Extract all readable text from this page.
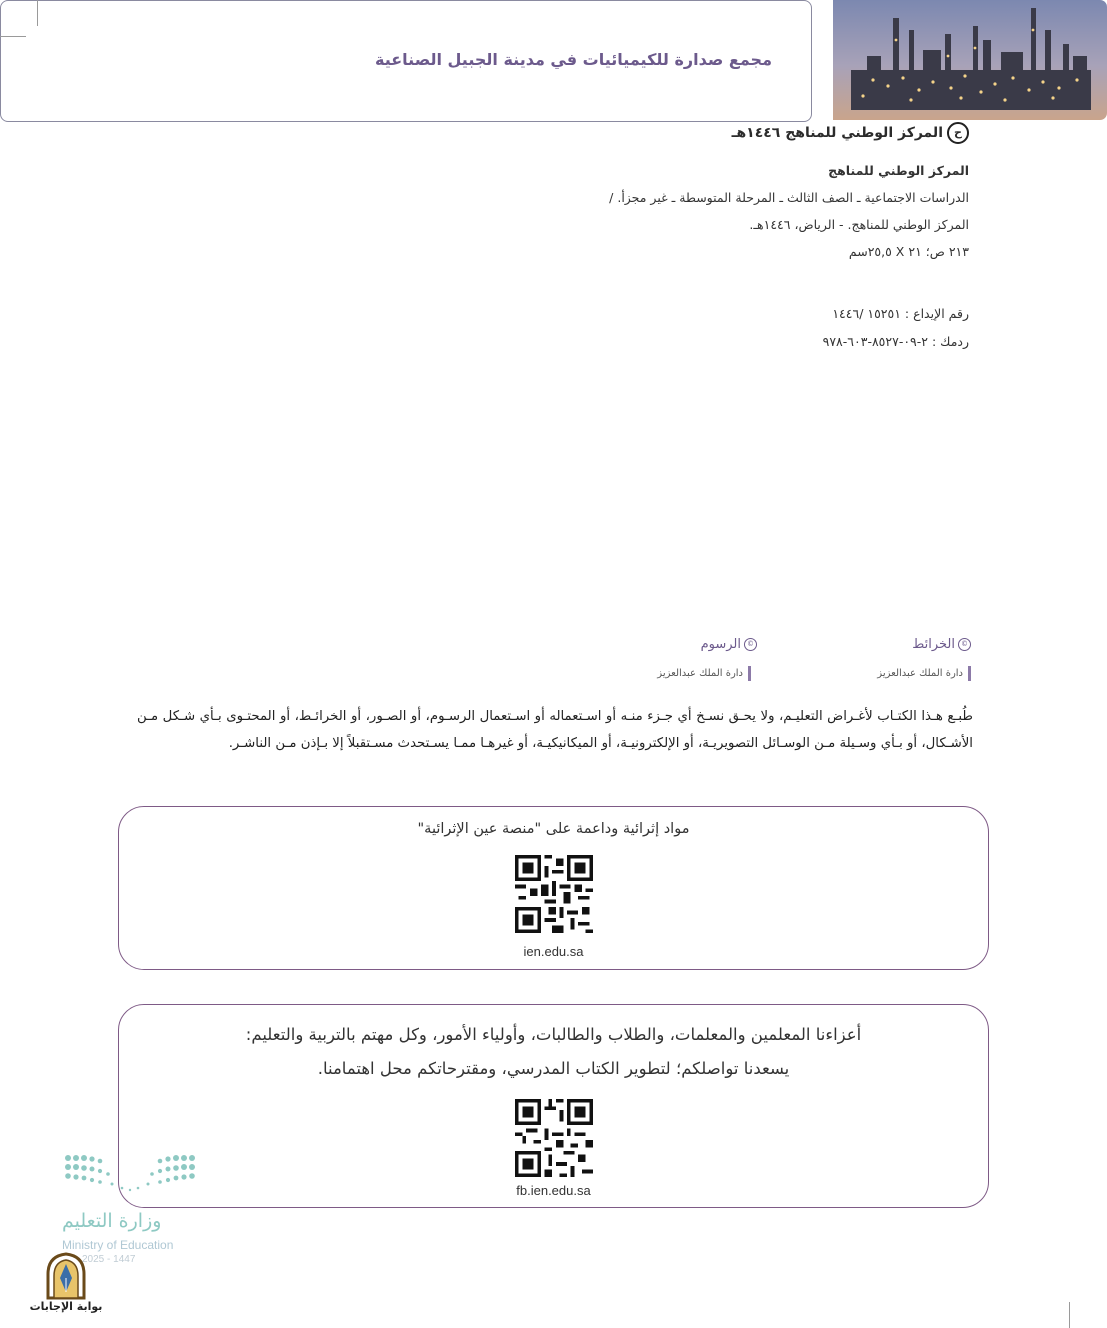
ح
المركز الوطني للمناهج ١٤٤٦هـ
المركز الوطني للمناهج
الدراسات الاجتماعية ـ الصف الثالث ـ المرحلة المتوسطة ـ غير مجزأ. /
المركز الوطني للمناهج. - الرياض، ١٤٤٦هـ.
٢١٣ ص؛ ٢١ X ٢٥,٥سم
رقم الإيداع : ١٥٢٥١ /١٤٤٦
ردمك : ٢-٠٩-٨٥٢٧-٦٠٣-٩٧٨
مجمع صدارة للكيميائيات في مدينة الجبيل الصناعية
©
الخرائط
دارة الملك عبدالعزيز
©
الرسوم
دارة الملك عبدالعزيز
طُبـع هـذا الكتـاب لأغـراض التعليـم، ولا يحـق نسـخ أي جـزء منـه أو اسـتعماله أو اسـتعمال الرسـوم، أو الصـور، أو الخرائـط، أو المحتـوى بـأي شـكل مـن الأشـكال، أو بـأي وسـيلة مـن الوسـائل التصويريـة، أو الإلكترونيـة، أو الميكانيكيـة، أو غيرهـا ممـا يسـتحدث مسـتقبلاً إلا بـإذن مـن الناشـر.
مواد إثرائية وداعمة على "منصة عين الإثرائية"
ien.edu.sa
أعزاءنا المعلمين والمعلمات، والطلاب والطالبات، وأولياء الأمور، وكل مهتم بالتربية والتعليم:
يسعدنا تواصلكم؛ لتطوير الكتاب المدرسي، ومقترحاتكم محل اهتمامنا.
fb.ien.edu.sa
وزارة التعليم
Ministry of Education
2025 - 1447
بوابة الإجابات
